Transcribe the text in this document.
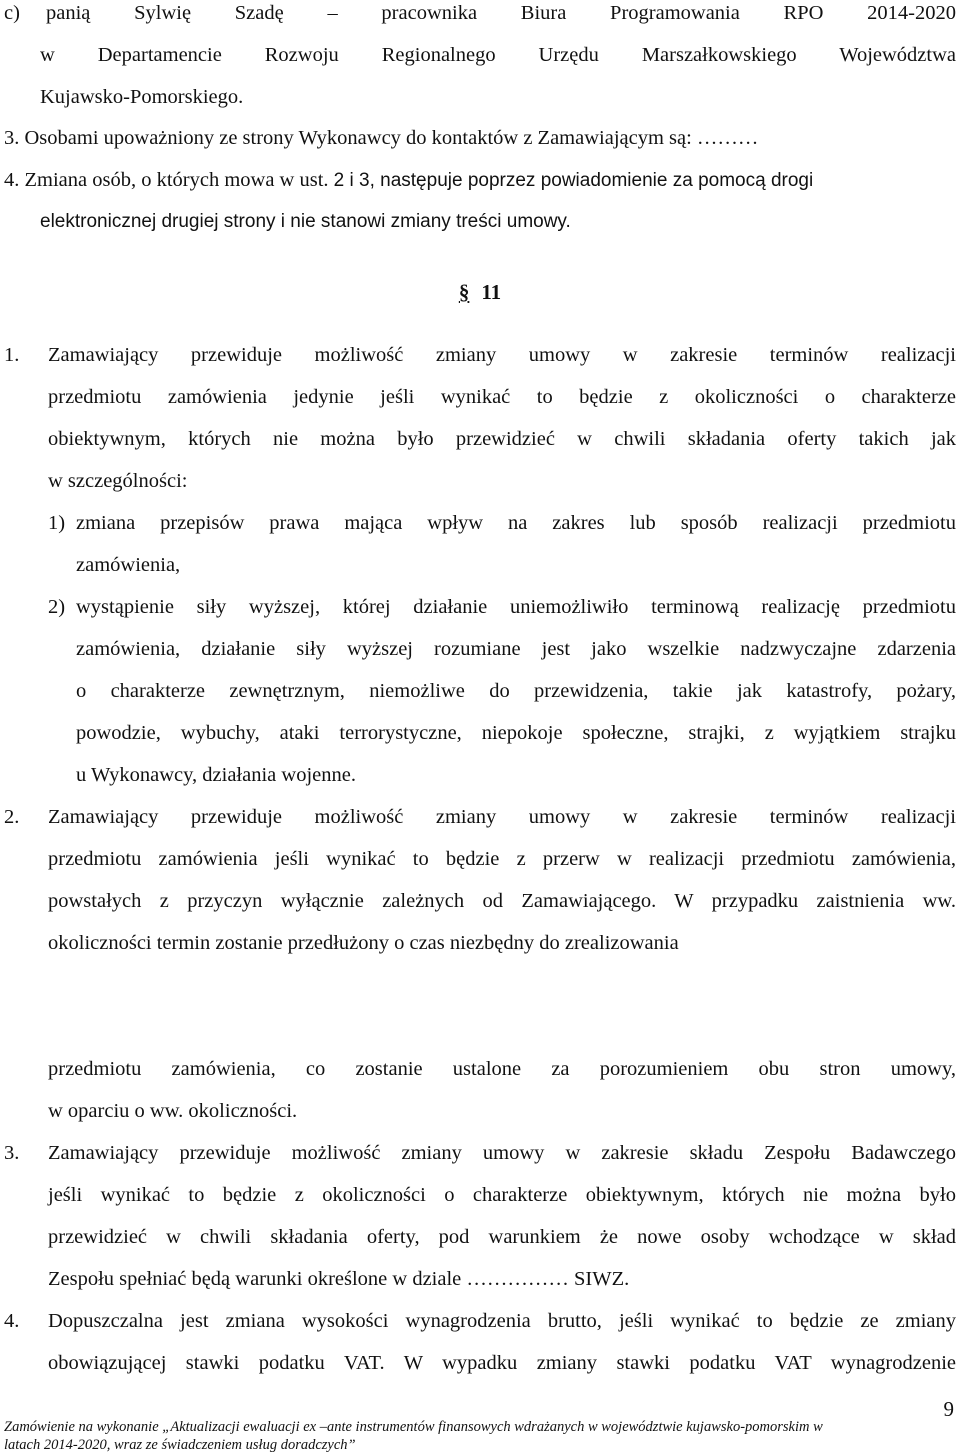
c) panią Sylwię Szadę – pracownika Biura Programowania RPO 2014-2020
w Departamencie Rozwoju Regionalnego Urzędu Marszałkowskiego Województwa
Kujawsko-Pomorskiego.
3. Osobami upoważniony ze strony Wykonawcy do kontaktów z Zamawiającym są: ………
4. Zmiana osób, o których mowa w ust. 2 i 3, następuje poprzez powiadomienie za pomocą drogi
elektronicznej drugiej strony i nie stanowi zmiany treści umowy.
§ 11
1. Zamawiający przewiduje możliwość zmiany umowy w zakresie terminów realizacji
przedmiotu zamówienia jedynie jeśli wynikać to będzie z okoliczności o charakterze
obiektywnym, których nie można było przewidzieć w chwili składania oferty takich jak
w szczególności:
1) zmiana przepisów prawa mająca wpływ na zakres lub sposób realizacji przedmiotu
zamówienia,
2) wystąpienie siły wyższej, której działanie uniemożliwiło terminową realizację przedmiotu
zamówienia, działanie siły wyższej rozumiane jest jako wszelkie nadzwyczajne zdarzenia
o charakterze zewnętrznym, niemożliwe do przewidzenia, takie jak katastrofy, pożary,
powodzie, wybuchy, ataki terrorystyczne, niepokoje społeczne, strajki, z wyjątkiem strajku
u Wykonawcy, działania wojenne.
2. Zamawiający przewiduje możliwość zmiany umowy w zakresie terminów realizacji
przedmiotu zamówienia jeśli wynikać to będzie z przerw w realizacji przedmiotu zamówienia,
powstałych z przyczyn wyłącznie zależnych od Zamawiającego. W przypadku zaistnienia ww.
okoliczności termin zostanie przedłużony o czas niezbędny do zrealizowania
przedmiotu zamówienia, co zostanie ustalone za porozumieniem obu stron umowy,
w oparciu o ww. okoliczności.
3. Zamawiający przewiduje możliwość zmiany umowy w zakresie składu Zespołu Badawczego
jeśli wynikać to będzie z okoliczności o charakterze obiektywnym, których nie można było
przewidzieć w chwili składania oferty, pod warunkiem że nowe osoby wchodzące w skład
Zespołu spełniać będą warunki określone w dziale …………… SIWZ.
4. Dopuszczalna jest zmiana wysokości wynagrodzenia brutto, jeśli wynikać to będzie ze zmiany
obowiązującej stawki podatku VAT. W wypadku zmiany stawki podatku VAT wynagrodzenie
9
Zamówienie na wykonanie „Aktualizacji ewaluacji ex –ante instrumentów finansowych wdrażanych w województwie kujawsko-pomorskim w
latach 2014-2020, wraz ze świadczeniem usług doradczych”
